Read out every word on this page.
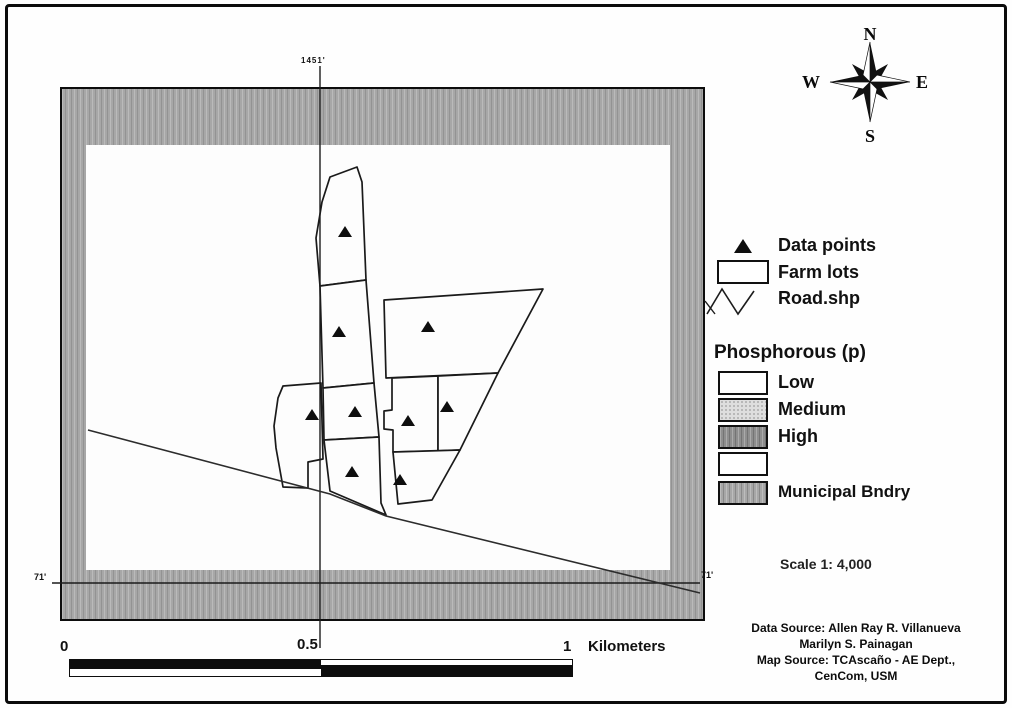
1451'
71'	71'
N
S
W	E
Data points
Farm lots
Road.shp
Phosphorous (p)
Low
Medium
High
Municipal Bndry
Scale 1: 4,000
Data Source: Allen Ray R. Villanueva
Marilyn S. Painagan
Map Source: TCAscaño - AE Dept.,
CenCom, USM
0	0.5	1 Kilometers
